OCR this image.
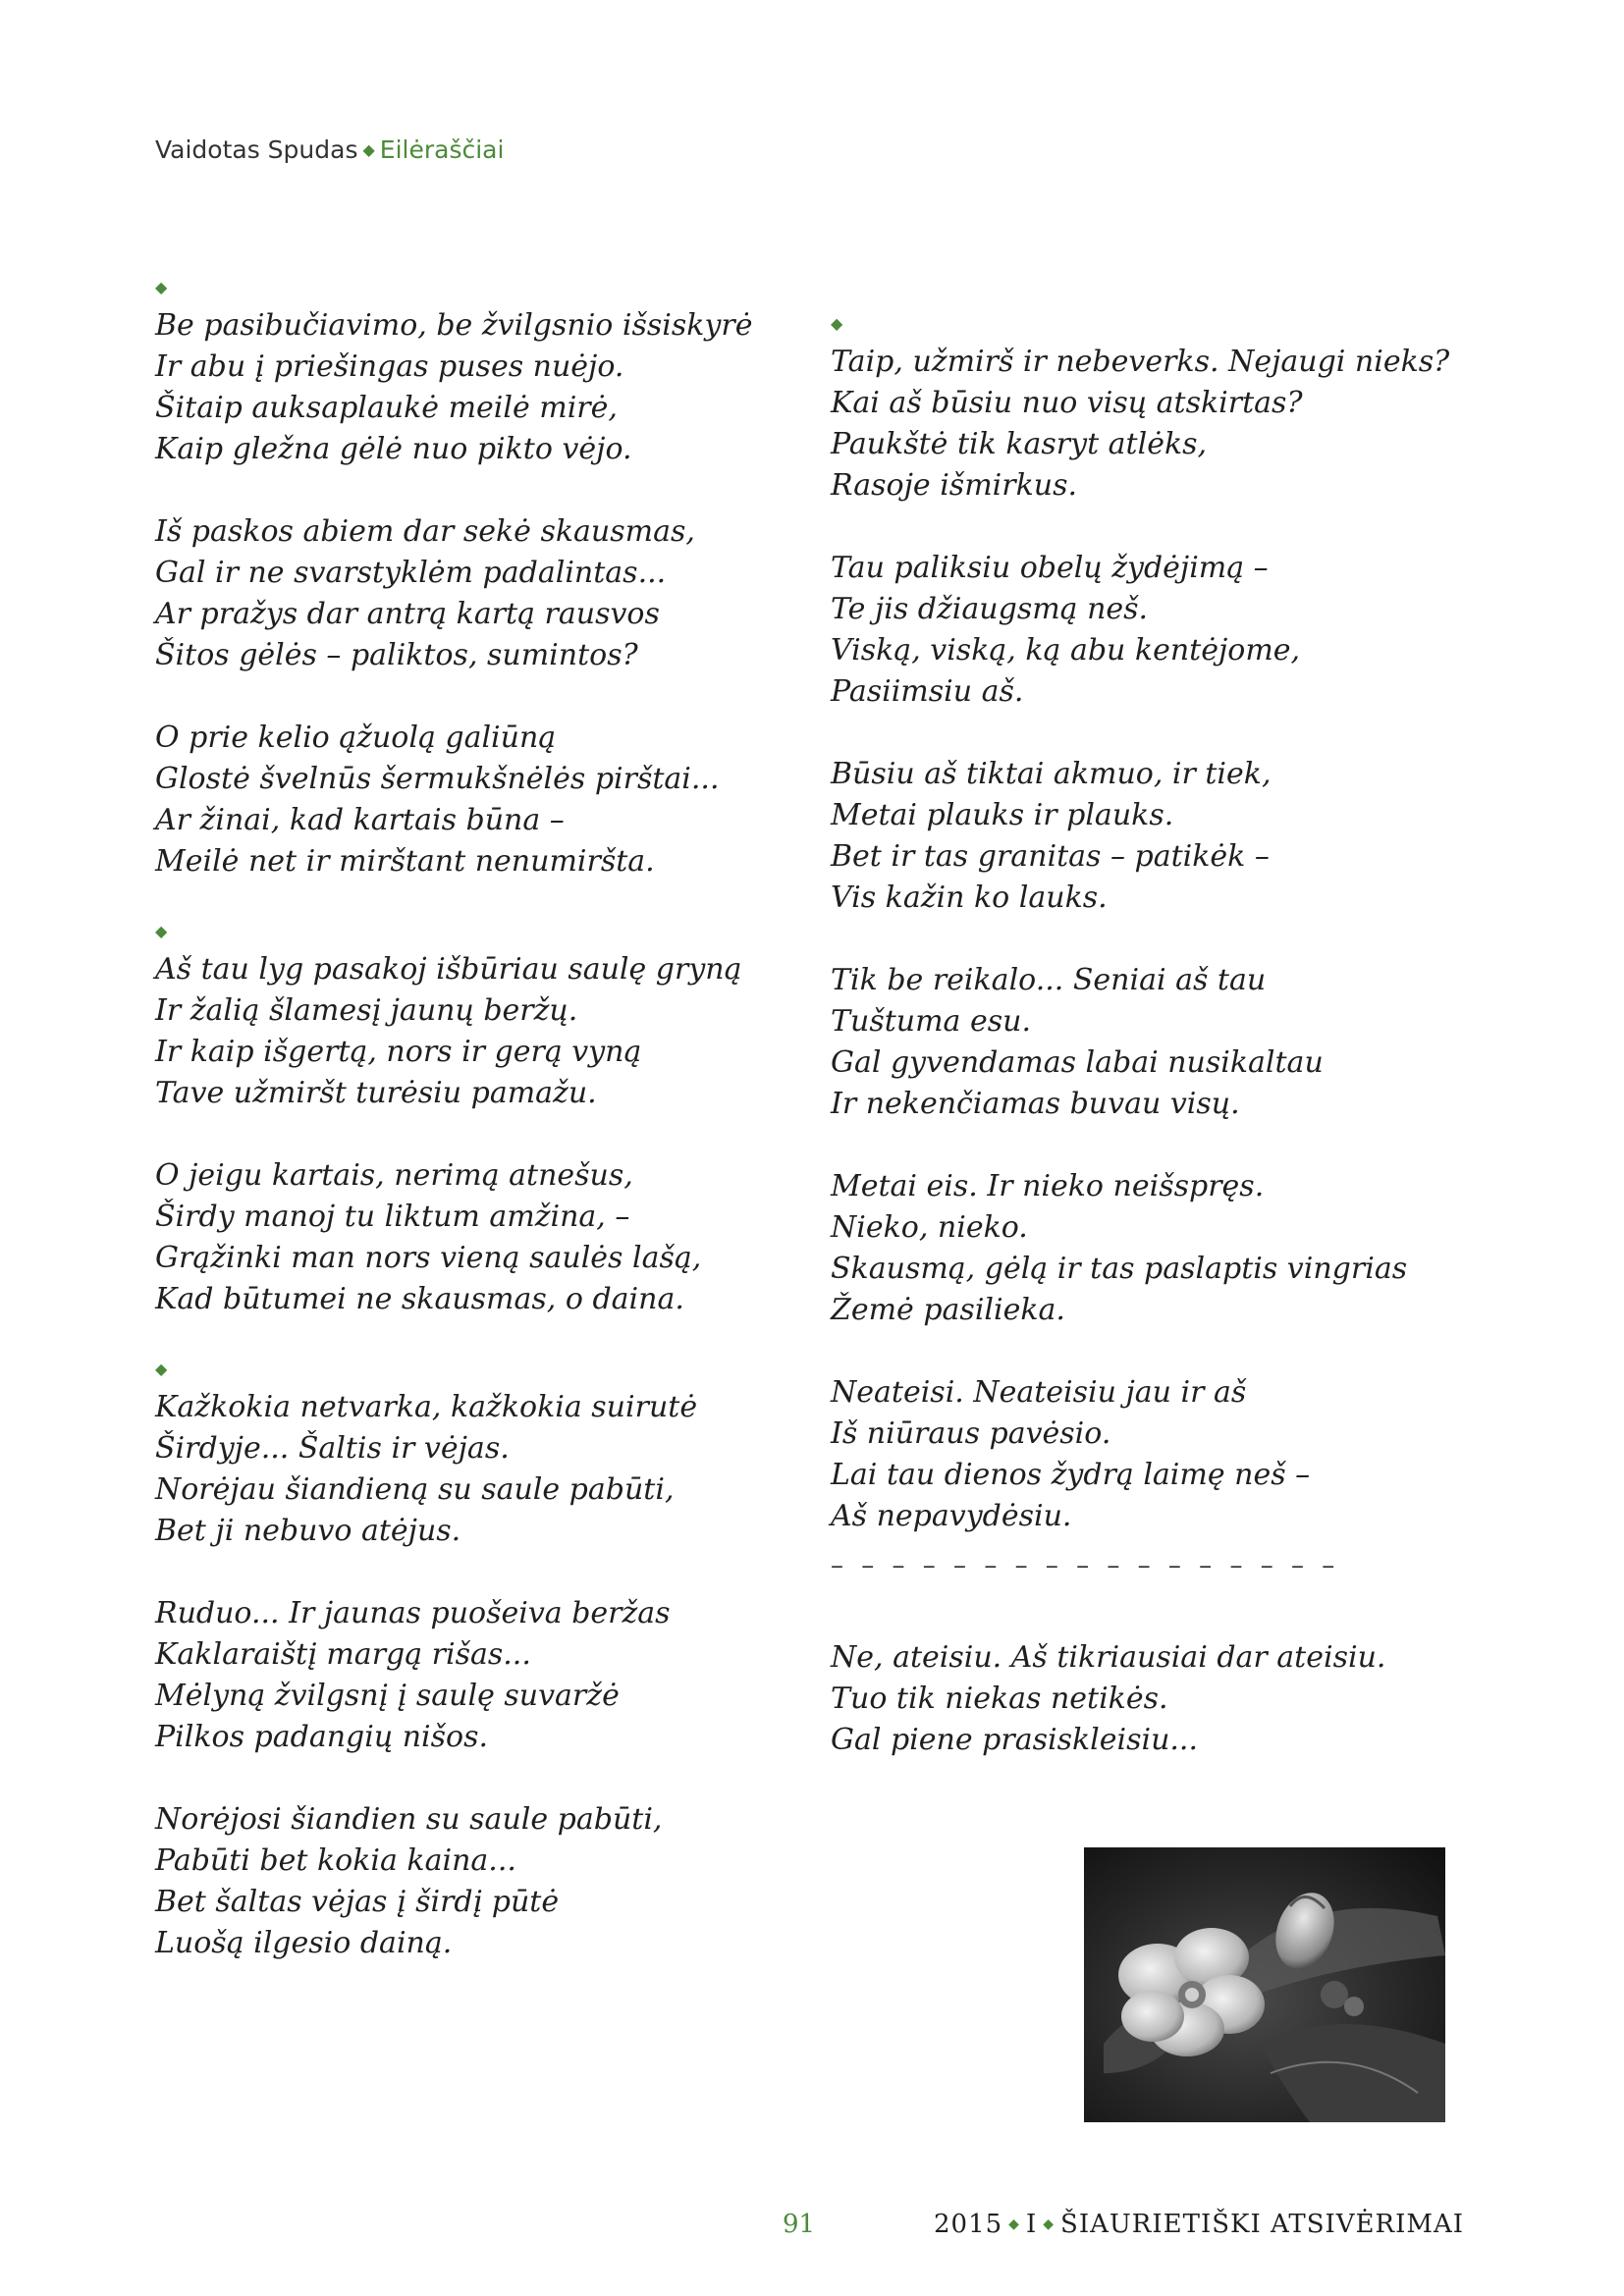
Vaidotas Spudas ◆ Eilėraščiai
◆
Be pasibučiavimo, be žvilgsnio išsiskyrė
Ir abu į priešingas puses nuėjo.
Šitaip auksaplaukė meilė mirė,
Kaip gležna gėlė nuo pikto vėjo.
Iš paskos abiem dar sekė skausmas,
Gal ir ne svarstyklėm padalintas...
Ar pražys dar antrą kartą rausvos
Šitos gėlės – paliktos, sumintos?
O prie kelio ąžuolą galiūną
Glostė švelnūs šermukšnėlės pirštai...
Ar žinai, kad kartais būna –
Meilė net ir mirštant nenumiršta.
◆
Aš tau lyg pasakoj išbūriau saulę gryną
Ir žalią šlamesį jaunų beržų.
Ir kaip išgertą, nors ir gerą vyną
Tave užmiršt turėsiu pamažu.
O jeigu kartais, nerimą atnešus,
Širdy manoj tu liktum amžina, –
Grąžinki man nors vieną saulės lašą,
Kad būtumei ne skausmas, o daina.
◆
Kažkokia netvarka, kažkokia suirutė
Širdyje... Šaltis ir vėjas.
Norėjau šiandieną su saule pabūti,
Bet ji nebuvo atėjus.
Ruduo... Ir jaunas puošeiva beržas
Kaklaraištį margą rišas...
Mėlyną žvilgsnį į saulę suvaržė
Pilkos padangių nišos.
Norėjosi šiandien su saule pabūti,
Pabūti bet kokia kaina...
Bet šaltas vėjas į širdį pūtė
Luošą ilgesio dainą.
◆
Taip, užmirš ir nebeverks. Nejaugi nieks?
Kai aš būsiu nuo visų atskirtas?
Paukštė tik kasryt atlėks,
Rasoje išmirkus.
Tau paliksiu obelų žydėjimą –
Te jis džiaugsmą neš.
Viską, viską, ką abu kentėjome,
Pasiimsiu aš.
Būsiu aš tiktai akmuo, ir tiek,
Metai plauks ir plauks.
Bet ir tas granitas – patikėk –
Vis kažin ko lauks.
Tik be reikalo... Seniai aš tau
Tuštuma esu.
Gal gyvendamas labai nusikaltau
Ir nekenčiamas buvau visų.
Metai eis. Ir nieko neišspręs.
Nieko, nieko.
Skausmą, gėlą ir tas paslaptis vingrias
Žemė pasilieka.
Neateisi. Neateisiu jau ir aš
Iš niūraus pavėsio.
Lai tau dienos žydrą laimę neš –
Aš nepavydėsiu.
– – – – – – – – – – – – – – – – –
Ne, ateisiu. Aš tikriausiai dar ateisiu.
Tuo tik niekas netikės.
Gal piene prasiskleisiu...
91	2015 ◆ I ◆ ŠIAURIETIŠKI ATSIVĖRIMAI
